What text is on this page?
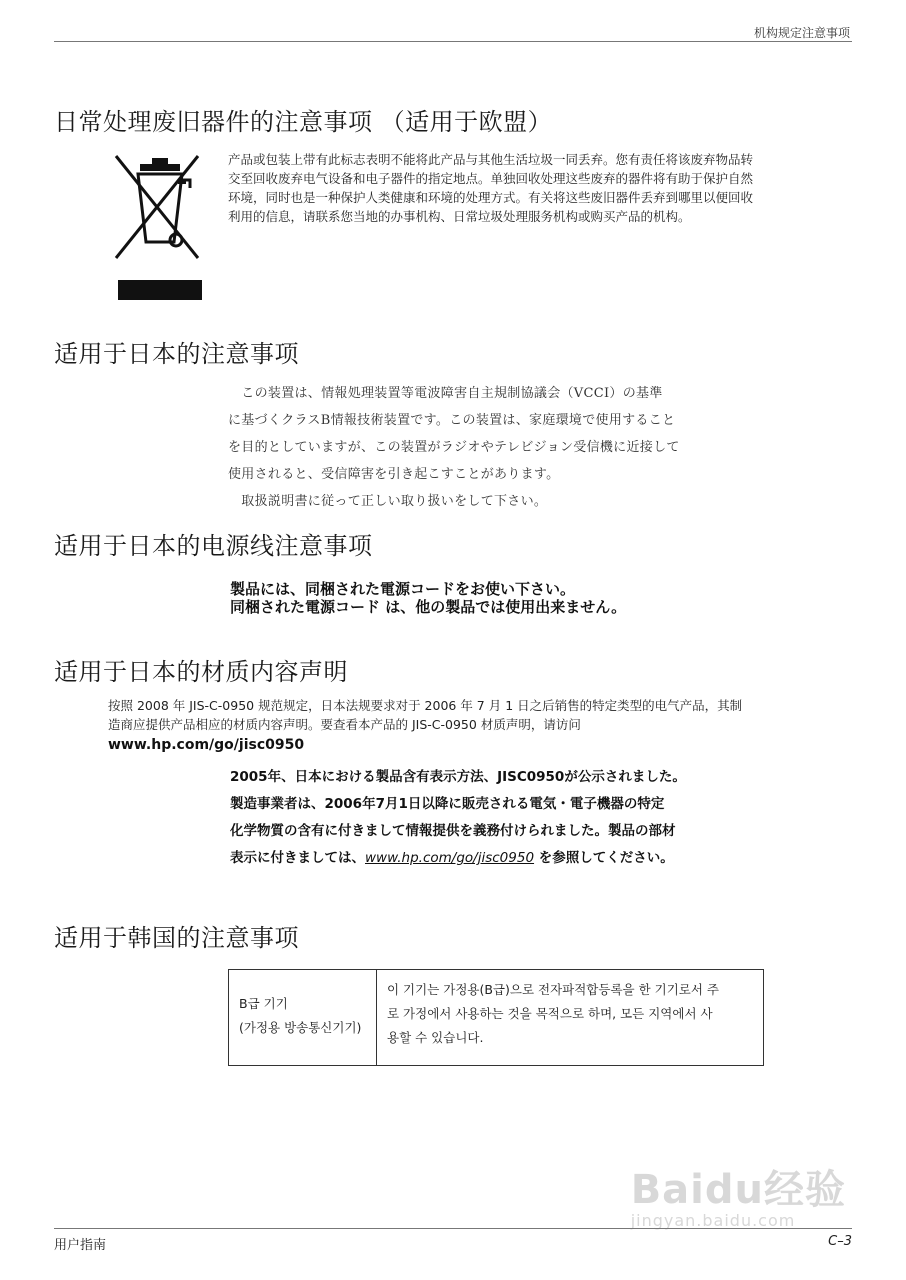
机构规定注意事项
日常处理废旧器件的注意事项 （适用于欧盟）
产品或包装上带有此标志表明不能将此产品与其他生活垃圾一同丢弃。您有责任将该废弃物品转
交至回收废弃电气设备和电子器件的指定地点。单独回收处理这些废弃的器件将有助于保护自然
环境，同时也是一种保护人类健康和环境的处理方式。有关将这些废旧器件丢弃到哪里以便回收
利用的信息，请联系您当地的办事机构、日常垃圾处理服务机构或购买产品的机构。
适用于日本的注意事项
　この装置は、情報処理装置等電波障害自主規制協議会（VCCI）の基準
に基づくクラスB情報技術装置です。この装置は、家庭環境で使用すること
を目的としていますが、この装置がラジオやテレビジョン受信機に近接して
使用されると、受信障害を引き起こすことがあります。
　取扱説明書に従って正しい取り扱いをして下さい。
适用于日本的电源线注意事项
製品には、同梱された電源コードをお使い下さい。
同梱された電源コード は、他の製品では使用出来ません。
适用于日本的材质内容声明
按照 2008 年 JIS-C-0950 规范规定，日本法规要求对于 2006 年 7 月 1 日之后销售的特定类型的电气产品，其制
造商应提供产品相应的材质内容声明。要查看本产品的 JIS-C-0950 材质声明，请访问
www.hp.com/go/jisc0950
2005年、日本における製品含有表示方法、JISC0950が公示されました。
製造事業者は、2006年7月1日以降に販売される電気・電子機器の特定
化学物質の含有に付きまして情報提供を義務付けられました。製品の部材
表示に付きましては、www.hp.com/go/jisc0950 を参照してください。
适用于韩国的注意事项
B급 기기
(가정용 방송통신기기)
이 기기는 가정용(B급)으로 전자파적합등록을 한 기기로서 주
로 가정에서 사용하는 것을 목적으로 하며, 모든 지역에서 사
용할 수 있습니다.
Baidu经验
jingyan.baidu.com
用户指南	C–3
